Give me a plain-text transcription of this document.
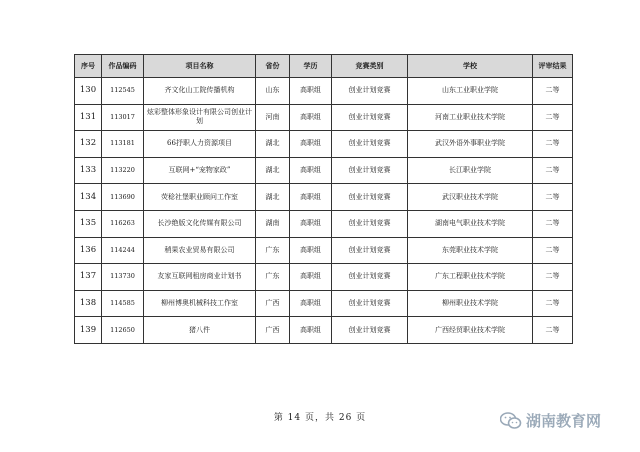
序号	作品编码	项目名称	省份	学历	竞赛类别	学校	评审结果
130	112545	齐文化山工院传播机构	山东	高职组	创业计划竞赛	山东工业职业学院	二等
131	113017	炫彩整体形象设计有限公司创业计划	河南	高职组	创业计划竞赛	河南工业职业技术学院	二等
132	113181	66抒职人力资源项目	湖北	高职组	创业计划竞赛	武汉外语外事职业学院	二等
133	113220	互联网+“宠物家政”	湖北	高职组	创业计划竞赛	长江职业学院	二等
134	113690	荧稔社堡职业顾问工作室	湖北	高职组	创业计划竞赛	武汉职业技术学院	二等
135	116263	长沙绝版文化传媒有限公司	湖南	高职组	创业计划竞赛	湖南电气职业技术学院	二等
136	114244	稍果农业贸易有限公司	广东	高职组	创业计划竞赛	东莞职业技术学院	二等
137	113730	友家互联网租房商业计划书	广东	高职组	创业计划竞赛	广东工程职业技术学院	二等
138	114585	柳州博奥机械科技工作室	广西	高职组	创业计划竞赛	柳州职业技术学院	二等
139	112650	猪八件	广西	高职组	创业计划竞赛	广西经贸职业技术学院	二等
第 14 页，共 26 页	湖南教育网
